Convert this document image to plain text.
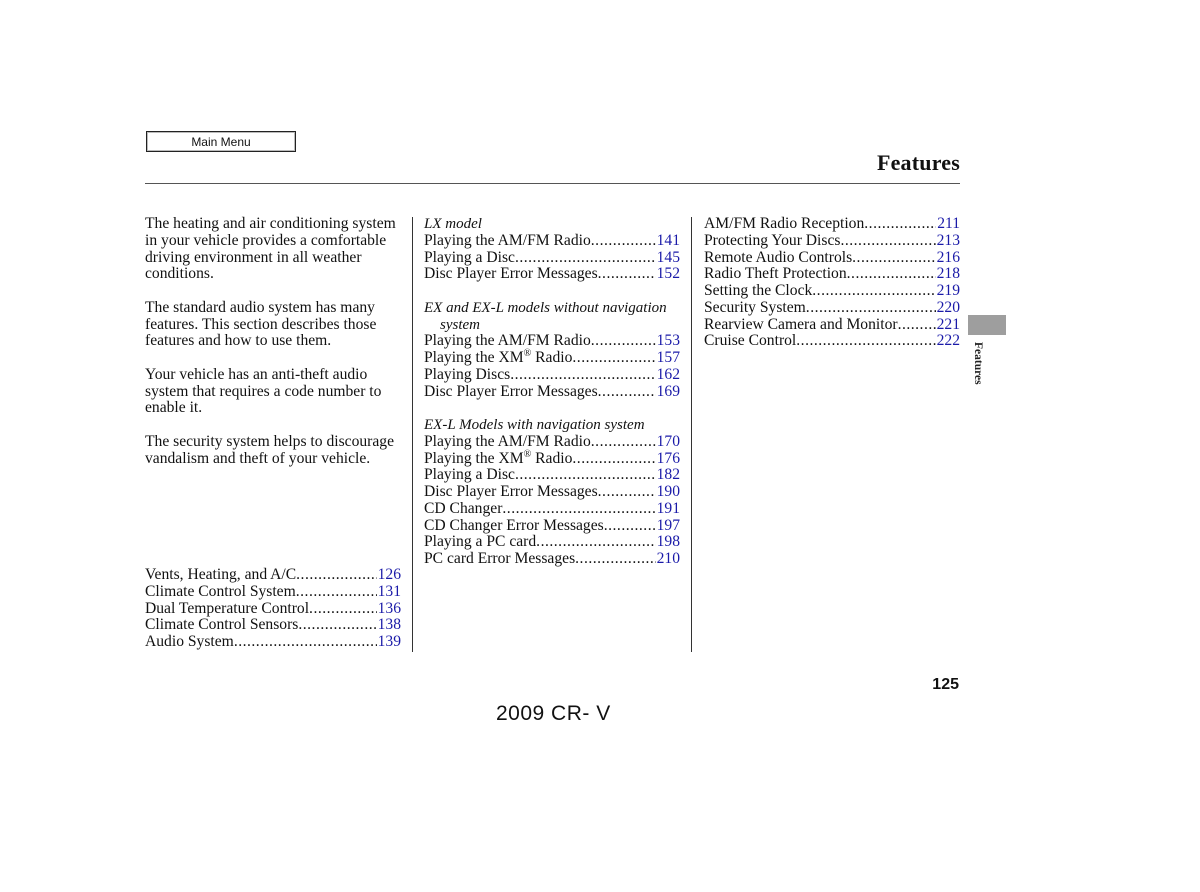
Main Menu
Features

The heating and air conditioning system in your vehicle provides a comfortable driving environment in all weather conditions.

The standard audio system has many features. This section describes those features and how to use them.

Your vehicle has an anti-theft audio system that requires a code number to enable it.

The security system helps to discourage vandalism and theft of your vehicle.

Vents, Heating, and A/C .....	126
Climate Control System .....	131
Dual Temperature Control .....	136
Climate Control Sensors .....	138
Audio System .....	139
LX model
Playing the AM/FM Radio .....	141
Playing a Disc .....	145
Disc Player Error Messages .....	152
EX and EX-L models without navigation
system
Playing the AM/FM Radio .....	153
Playing the XM® Radio .....	157
Playing Discs .....	162
Disc Player Error Messages .....	169
EX-L Models with navigation system
Playing the AM/FM Radio .....	170
Playing the XM® Radio .....	176
Playing a Disc .....	182
Disc Player Error Messages .....	190
CD Changer .....	191
CD Changer Error Messages .....	197
Playing a PC card .....	198
PC card Error Messages .....	210
AM/FM Radio Reception .....	211
Protecting Your Discs .....	213
Remote Audio Controls .....	216
Radio Theft Protection .....	218
Setting the Clock .....	219
Security System .....	220
Rearview Camera and Monitor .....	221
Cruise Control .....	222
Features
125
2009 CR- V
